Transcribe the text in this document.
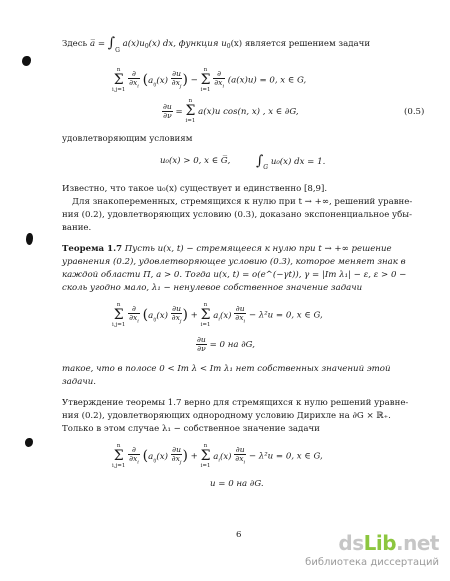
Здесь a̅ = $\int_G$ $a(x)u_0(x)$ dx, функция $u_0(x)$ является решением задачи
n
Σ
i,j=1
$\frac{\partial}{\partial x_i} (a_{ij}(x) \frac{\partial u}{\partial x_j}$ ) −
n
Σ
i=1
$\frac{\partial}{\partial x_i} (a(x)u) = 0$, x ∈ G,
$\frac{\partial u}{\partial\nu}$ =
n
Σ
i=1
a(x)u cos(n, x) , x ∈ ∂G,	(0.5)
удовлетворяющим условиям
u₀(x) > 0, x ∈ G̅, $\int_G$ u₀(x) dx = 1.
Известно, что такое u₀(x) существует и единственно [8,9].
Для знакопеременных, стремящихся к нулю при t → +∞, решений уравне-
ния (0.2), удовлетворяющих условию (0.3), доказано экспоненциальное убы-
вание.
Теорема 1.7 Пусть u(x, t) − стремящееся к нулю при t → +∞ решение
уравнения (0.2), удовлетворяющее условию (0.3), которое меняет знак в
каждой области Π, a > 0. Тогда u(x, t) = o(e^(−γt)), γ = |Im λ₁| − ε, ε > 0 −
сколь угодно мало, λ₁ − ненулевое собственное значение задачи
n
Σ
i,j=1
$\frac{\partial}{\partial x_i} (a_{ij}(x) \frac{\partial u}{\partial x_j}$ ) +
n
Σ
i=1
$a_i(x) \frac{\partial u}{\partial x_i} - \lambda^2u = 0$, x ∈ G,
$\frac{\partial u}{\partial\nu} = 0$ на ∂G,
такое, что в полосе 0 < Im λ < Im λ₁ нет собственных значений этой
задачи.
Утверждение теоремы 1.7 верно для стремящихся к нулю решений уравне-
ния (0.2), удовлетворяющих однородному условию Дирихле на ∂G × ℝ₊.
Только в этом случае λ₁ − собственное значение задачи
n
Σ
i,j=1
$\frac{\partial}{\partial x_i} (a_{ij}(x) \frac{\partial u}{\partial x_j}$ ) +
n
Σ
i=1
$a_i(x) \frac{\partial u}{\partial x_i} - \lambda^2u = 0$, x ∈ G,
u = 0 на ∂G.
6	dsLib.net
библиотека диссертаций
